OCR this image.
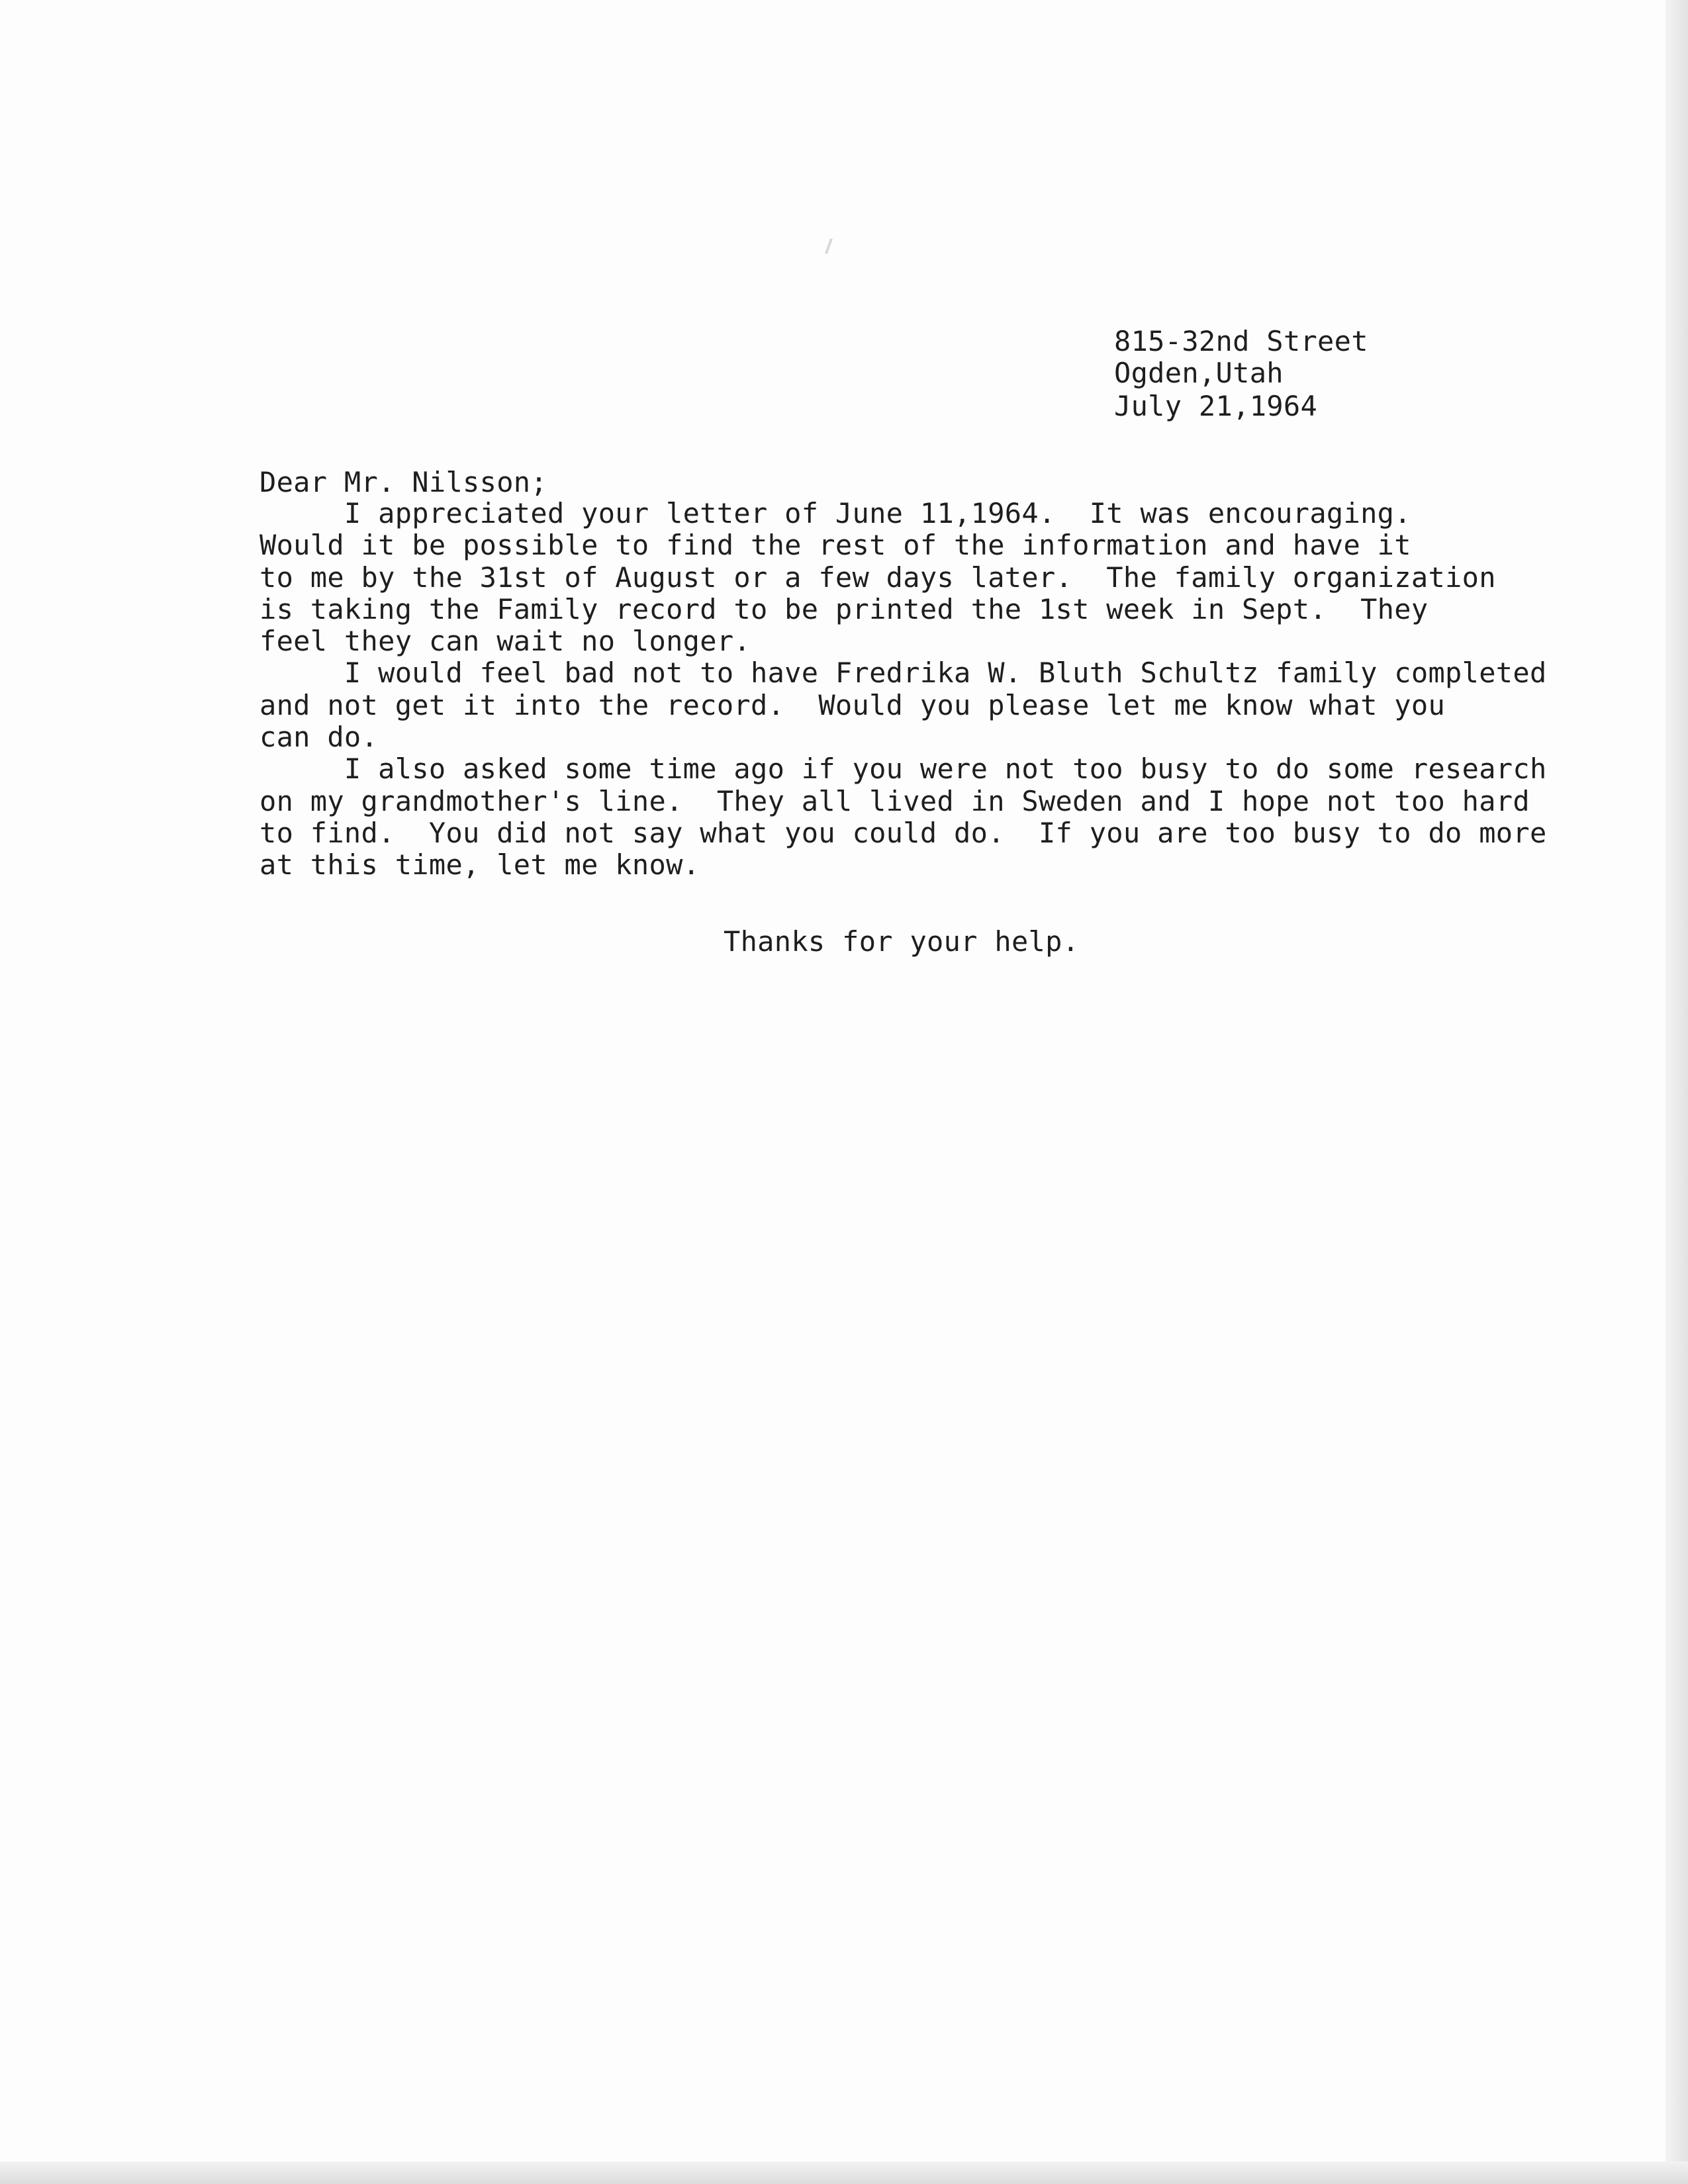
815-32nd Street
Ogden,Utah
July 21,1964
Dear Mr. Nilsson;
I appreciated your letter of June 11,1964.  It was encouraging.
Would it be possible to find the rest of the information and have it
to me by the 31st of August or a few days later.  The family organization
is taking the Family record to be printed the 1st week in Sept.  They
feel they can wait no longer.
I would feel bad not to have Fredrika W. Bluth Schultz family completed
and not get it into the record.  Would you please let me know what you
can do.
I also asked some time ago if you were not too busy to do some research
on my grandmother's line.  They all lived in Sweden and I hope not too hard
to find.  You did not say what you could do.  If you are too busy to do more
at this time, let me know.
Thanks for your help.
